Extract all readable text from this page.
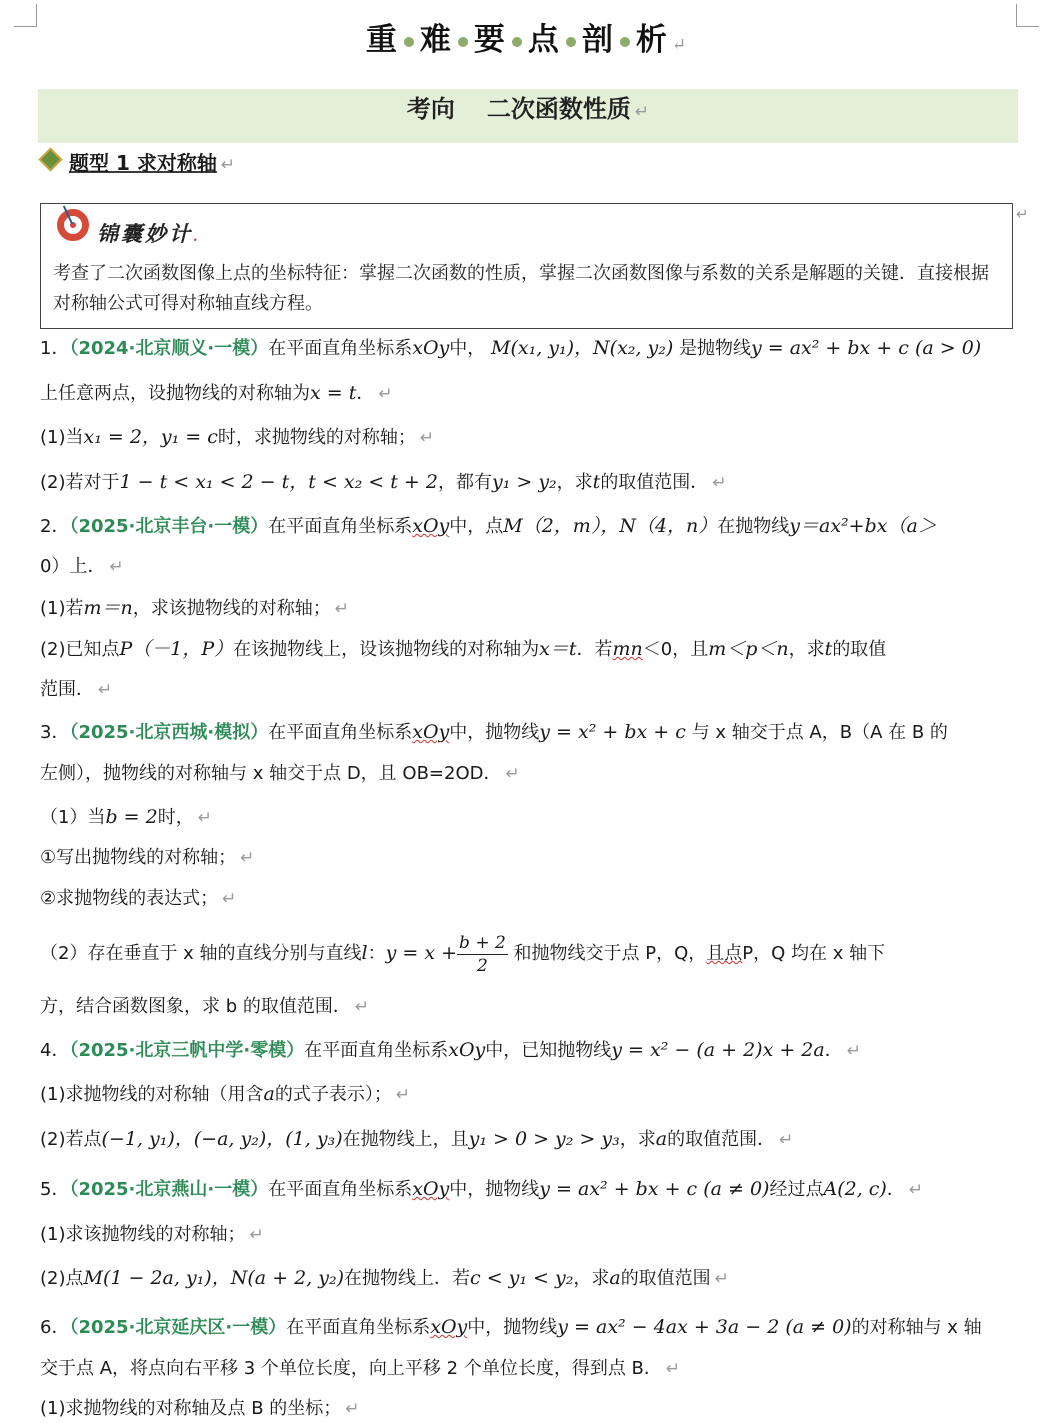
重 难 要 点 剖 析 ↵
考向 二次函数性质 ↵
题型 1 求对称轴 ↵
锦囊妙计.
考查了二次函数图像上点的坐标特征：掌握二次函数的性质，掌握二次函数图像与系数的关系是解题的关键．直接根据对称轴公式可得对称轴直线方程。
↵
1．（2024·北京顺义·一模）在平面直角坐标系xOy中， M(x₁, y₁)，N(x₂, y₂) 是抛物线y = ax² + bx + c (a > 0)
上任意两点，设抛物线的对称轴为x = t． ↵
(1)当x₁ = 2，y₁ = c时，求抛物线的对称轴； ↵
(2)若对于1 − t < x₁ < 2 − t，t < x₂ < t + 2，都有y₁ > y₂，求t的取值范围． ↵
2．（2025·北京丰台·一模）在平面直角坐标系xOy中，点M（2，m），N（4，n）在抛物线y＝ax²+bx（a＞
0）上． ↵
(1)若m＝n，求该抛物线的对称轴； ↵
(2)已知点P（－1，P）在该抛物线上，设该抛物线的对称轴为x＝t．若mn＜0，且m＜p＜n，求t的取值
范围． ↵
3．（2025·北京西城·模拟）在平面直角坐标系xOy中，抛物线y = x² + bx + c 与 x 轴交于点 A，B（A 在 B 的
左侧），抛物线的对称轴与 x 轴交于点 D，且 OB=2OD． ↵
（1）当b = 2时， ↵
①写出抛物线的对称轴； ↵
②求抛物线的表达式； ↵
（2）存在垂直于 x 轴的直线分别与直线l：$y = x + \frac{b + 2}{2}$ 和抛物线交于点 P，Q，且点P，Q 均在 x 轴下
方，结合函数图象，求 b 的取值范围． ↵
4．（2025·北京三帆中学·零模）在平面直角坐标系xOy中，已知抛物线y = x² − (a + 2)x + 2a． ↵
(1)求抛物线的对称轴（用含a的式子表示）； ↵
(2)若点(−1, y₁)，(−a, y₂)，(1, y₃)在抛物线上，且y₁ > 0 > y₂ > y₃，求a的取值范围． ↵
5．（2025·北京燕山·一模）在平面直角坐标系xOy中，抛物线y = ax² + bx + c (a ≠ 0)经过点A(2, c)． ↵
(1)求该抛物线的对称轴； ↵
(2)点M(1 − 2a, y₁)，N(a + 2, y₂)在抛物线上．若c < y₁ < y₂，求a的取值范围 ↵
6．（2025·北京延庆区·一模）在平面直角坐标系xOy中，抛物线y = ax² − 4ax + 3a − 2 (a ≠ 0)的对称轴与 x 轴
交于点 A，将点向右平移 3 个单位长度，向上平移 2 个单位长度，得到点 B． ↵
(1)求抛物线的对称轴及点 B 的坐标； ↵
